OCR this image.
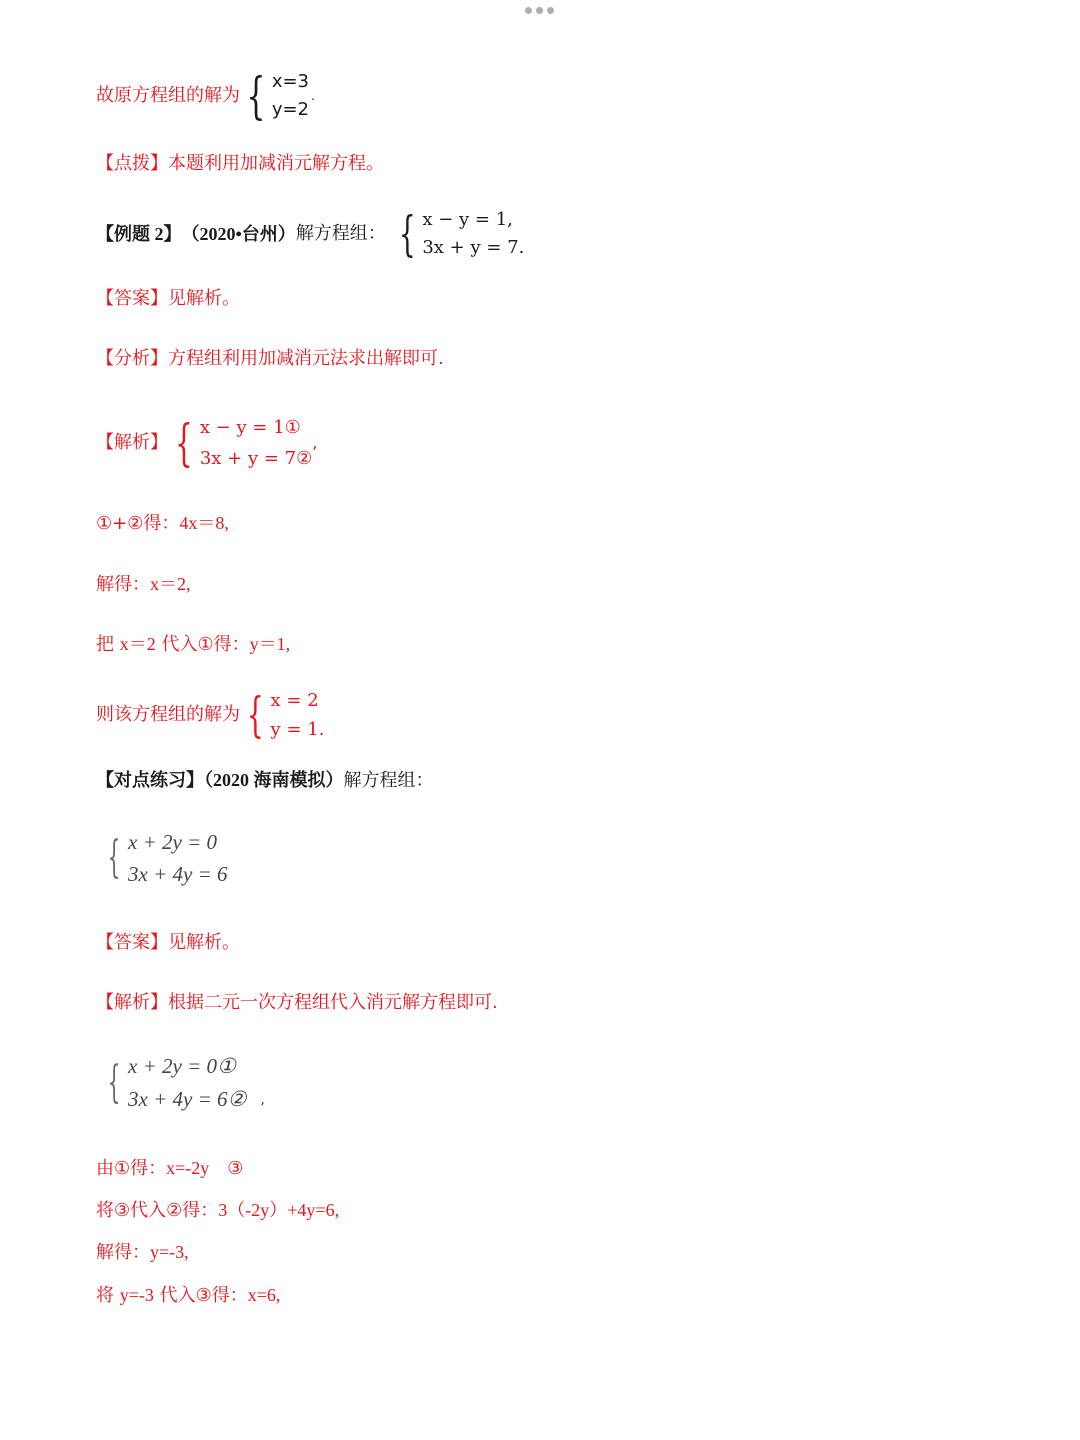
故原方程组的解为 { x=3
y=2
.
【点拨】本题利用加减消元解方程。
【例题 2】（2020•台州）解方程组： { x − y = 1,
3x + y = 7.
【答案】见解析。
【分析】方程组利用加减消元法求出解即可.
【解析】 { x − y = 1①
3x + y = 7②
,
①+②得：4x＝8,
解得：x＝2,
把 x＝2 代入①得：y＝1,
则该方程组的解为 { x = 2
y = 1.
【对点练习】（2020 海南模拟）解方程组：
{ x + 2y = 0
3x + 4y = 6
【答案】见解析。
【解析】根据二元一次方程组代入消元解方程即可.
{ x + 2y = 0①
3x + 4y = 6② ,
由①得：x=-2y ③
将③代入②得：3（-2y）+4y=6,
解得：y=-3,
将 y=-3 代入③得：x=6,
